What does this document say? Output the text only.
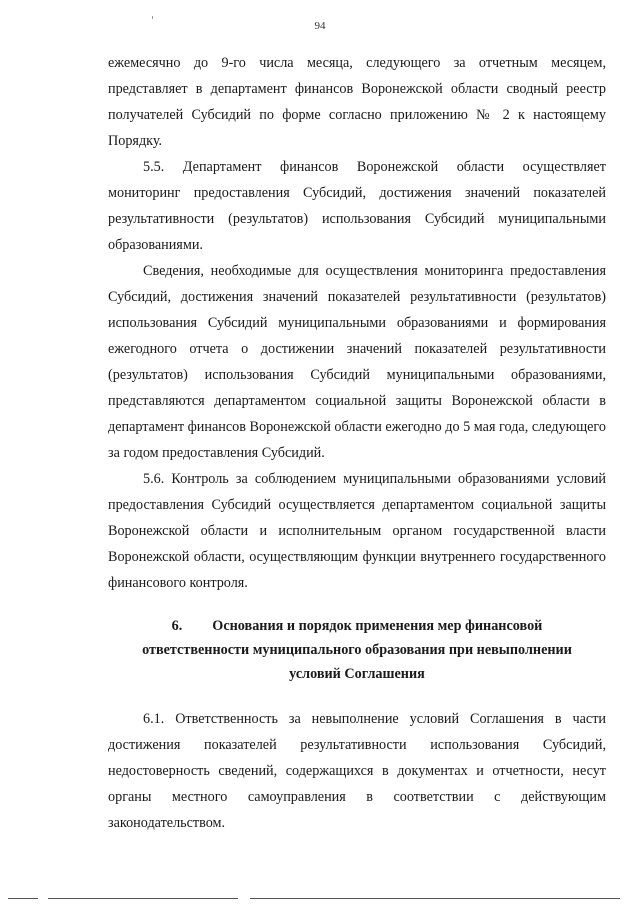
94

ежемесячно до 9-го числа месяца, следующего за отчетным месяцем, представляет в департамент финансов Воронежской области сводный реестр получателей Субсидий по форме согласно приложению № 2 к настоящему Порядку.

5.5. Департамент финансов Воронежской области осуществляет мониторинг предоставления Субсидий, достижения значений показателей результативности (результатов) использования Субсидий муниципальными образованиями.

Сведения, необходимые для осуществления мониторинга предоставления Субсидий, достижения значений показателей результативности (результатов) использования Субсидий муниципальными образованиями и формирования ежегодного отчета о достижении значений показателей результативности (результатов) использования Субсидий муниципальными образованиями, представляются департаментом социальной защиты Воронежской области в департамент финансов Воронежской области ежегодно до 5 мая года, следующего за годом предоставления Субсидий.

5.6. Контроль за соблюдением муниципальными образованиями условий предоставления Субсидий осуществляется департаментом социальной защиты Воронежской области и исполнительным органом государственной власти Воронежской области, осуществляющим функции внутреннего государственного финансового контроля.

6. Основания и порядок применения мер финансовой
ответственности муниципального образования при невыполнении
условий Соглашения

6.1. Ответственность за невыполнение условий Соглашения в части достижения показателей результативности использования Субсидий, недостоверность сведений, содержащихся в документах и отчетности, несут органы местного самоуправления в соответствии с действующим законодательством.
